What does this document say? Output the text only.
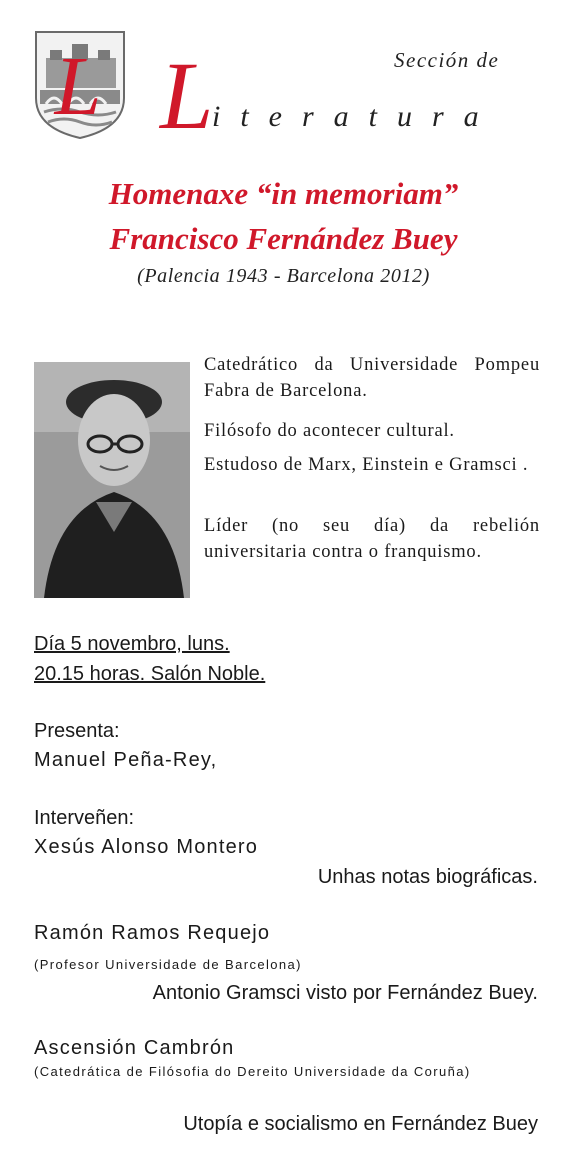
L	Sección de
L
iteratura
Homenaxe “in memoriam”
Francisco Fernández Buey
(Palencia 1943 - Barcelona 2012)

Catedrático da Universidade Pompeu Fabra de Barcelona.

Filósofo do acontecer cultural.

Estudoso de Marx, Einstein e Gramsci .

Líder (no seu día) da rebelión universitaria contra o franquismo.

Día 5 novembro, luns.
20.15 horas. Salón Noble.
Presenta:
Manuel Peña-Rey,
Interveñen:
Xesús Alonso Montero
Unhas notas biográficas.
Ramón Ramos Requejo
(Profesor Universidade de Barcelona)
Antonio Gramsci visto por Fernández Buey.
Ascensión Cambrón
(Catedrática de Filósofia do Dereito Universidade da Coruña)
Utopía e socialismo en Fernández Buey
